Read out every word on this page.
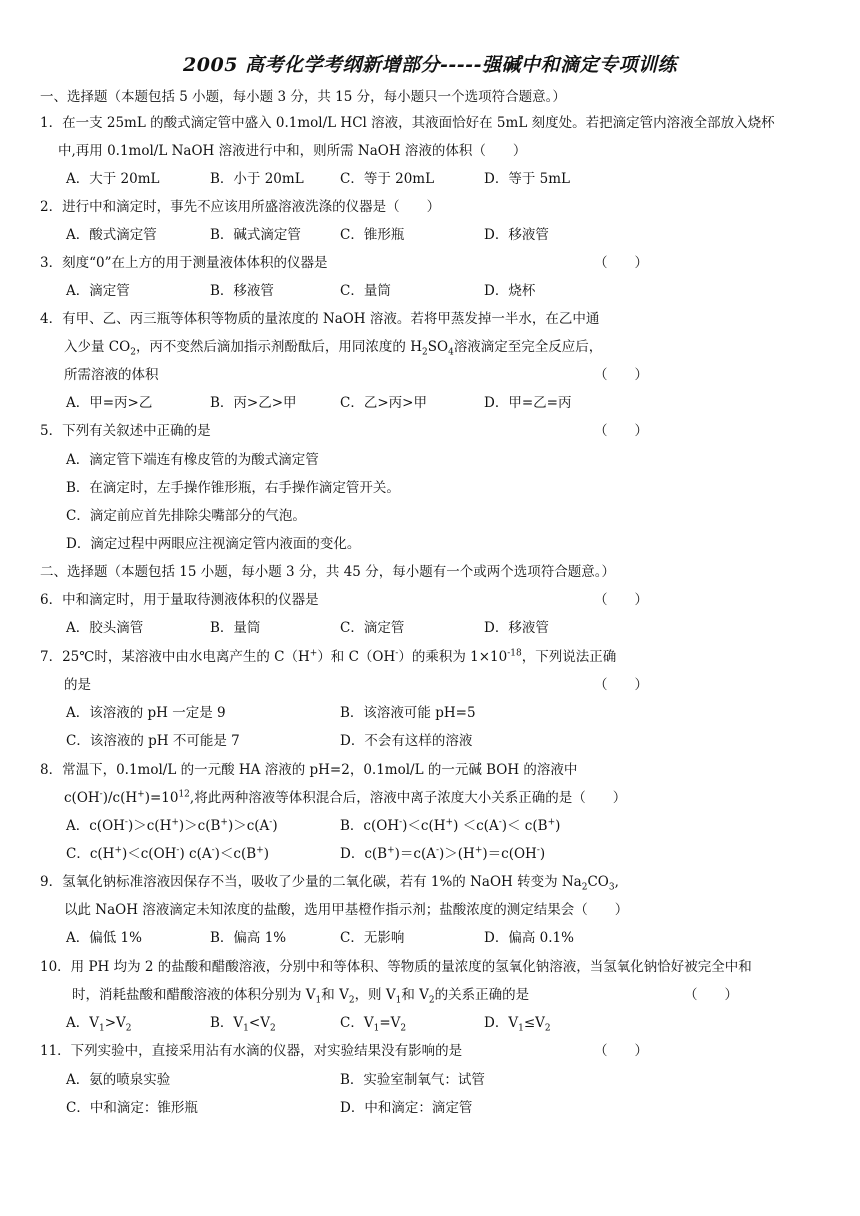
2005 高考化学考纲新增部分-----强碱中和滴定专项训练
一、选择题（本题包括 5 小题，每小题 3 分，共 15 分，每小题只一个选项符合题意。）
1．在一支 25mL 的酸式滴定管中盛入 0.1mol/L HCl 溶液，其液面恰好在 5mL 刻度处。若把滴定管内溶液全部放入烧杯
中,再用 0.1mol/L NaOH 溶液进行中和，则所需 NaOH 溶液的体积（　　）
A．大于 20mL	B．小于 20mL	C．等于 20mL	D．等于 5mL
2．进行中和滴定时，事先不应该用所盛溶液洗涤的仪器是（　　）
A．酸式滴定管	B．碱式滴定管	C．锥形瓶	D．移液管
3．刻度“0”在上方的用于测量液体体积的仪器是	（　　）
A．滴定管	B．移液管	C．量筒	D．烧杯
4．有甲、乙、丙三瓶等体积等物质的量浓度的 NaOH 溶液。若将甲蒸发掉一半水，在乙中通
入少量 $CO_2$，丙不变然后滴加指示剂酚酞后，用同浓度的 $H_2SO_4$溶液滴定至完全反应后，
所需溶液的体积	（　　）
A．甲=丙>乙	B．丙>乙>甲	C．乙>丙>甲	D．甲=乙=丙
5．下列有关叙述中正确的是	（　　）
A．滴定管下端连有橡皮管的为酸式滴定管
B．在滴定时，左手操作锥形瓶，右手操作滴定管开关。
C．滴定前应首先排除尖嘴部分的气泡。
D．滴定过程中两眼应注视滴定管内液面的变化。
二、选择题（本题包括 15 小题，每小题 3 分，共 45 分，每小题有一个或两个选项符合题意。）
6．中和滴定时，用于量取待测液体积的仪器是	（　　）
A．胶头滴管	B．量筒	C．滴定管	D．移液管
7．25℃时，某溶液中由水电离产生的 C（H+）和 C（OH-）的乘积为 $1\times 10^{-18}$，下列说法正确
的是	（　　）
A．该溶液的 pH 一定是 9	B．该溶液可能 pH=5
C．该溶液的 pH 不可能是 7	D．不会有这样的溶液
8．常温下，0.1mol/L 的一元酸 HA 溶液的 pH=2，0.1mol/L 的一元碱 BOH 的溶液中
$c(OH^-)/c(H^+)=10^{12}$,将此两种溶液等体积混合后，溶液中离子浓度大小关系正确的是（　　）
A．c(OH-)＞c(H+)＞c(B+)＞c(A-)	B．c(OH-)＜c(H+) ＜c(A-)＜ c(B+)
C．c(H+)＜c(OH-) c(A-)＜c(B+)	D．c(B+)＝c(A-)＞(H+)＝c(OH-)
9．氢氧化钠标准溶液因保存不当，吸收了少量的二氧化碳，若有 1%的 NaOH 转变为 $Na_2CO_3$,
以此 NaOH 溶液滴定未知浓度的盐酸，选用甲基橙作指示剂；盐酸浓度的测定结果会（　　）
A．偏低 1%	B．偏高 1%	C．无影响	D．偏高 0.1%
10．用 PH 均为 2 的盐酸和醋酸溶液，分别中和等体积、等物质的量浓度的氢氧化钠溶液，当氢氧化钠恰好被完全中和
时，消耗盐酸和醋酸溶液的体积分别为 $V_1$和 $V_2$，则 $V_1$和 $V_2$的关系正确的是	（　　）
A．$V_1>V_2$	B．$V_1<V_2$	C．$V_1=V_2$	D．$V_1\le V_2$
11．下列实验中，直接采用沾有水滴的仪器，对实验结果没有影响的是	（　　）
A．氨的喷泉实验	B．实验室制氧气：试管
C．中和滴定：锥形瓶	D．中和滴定：滴定管
